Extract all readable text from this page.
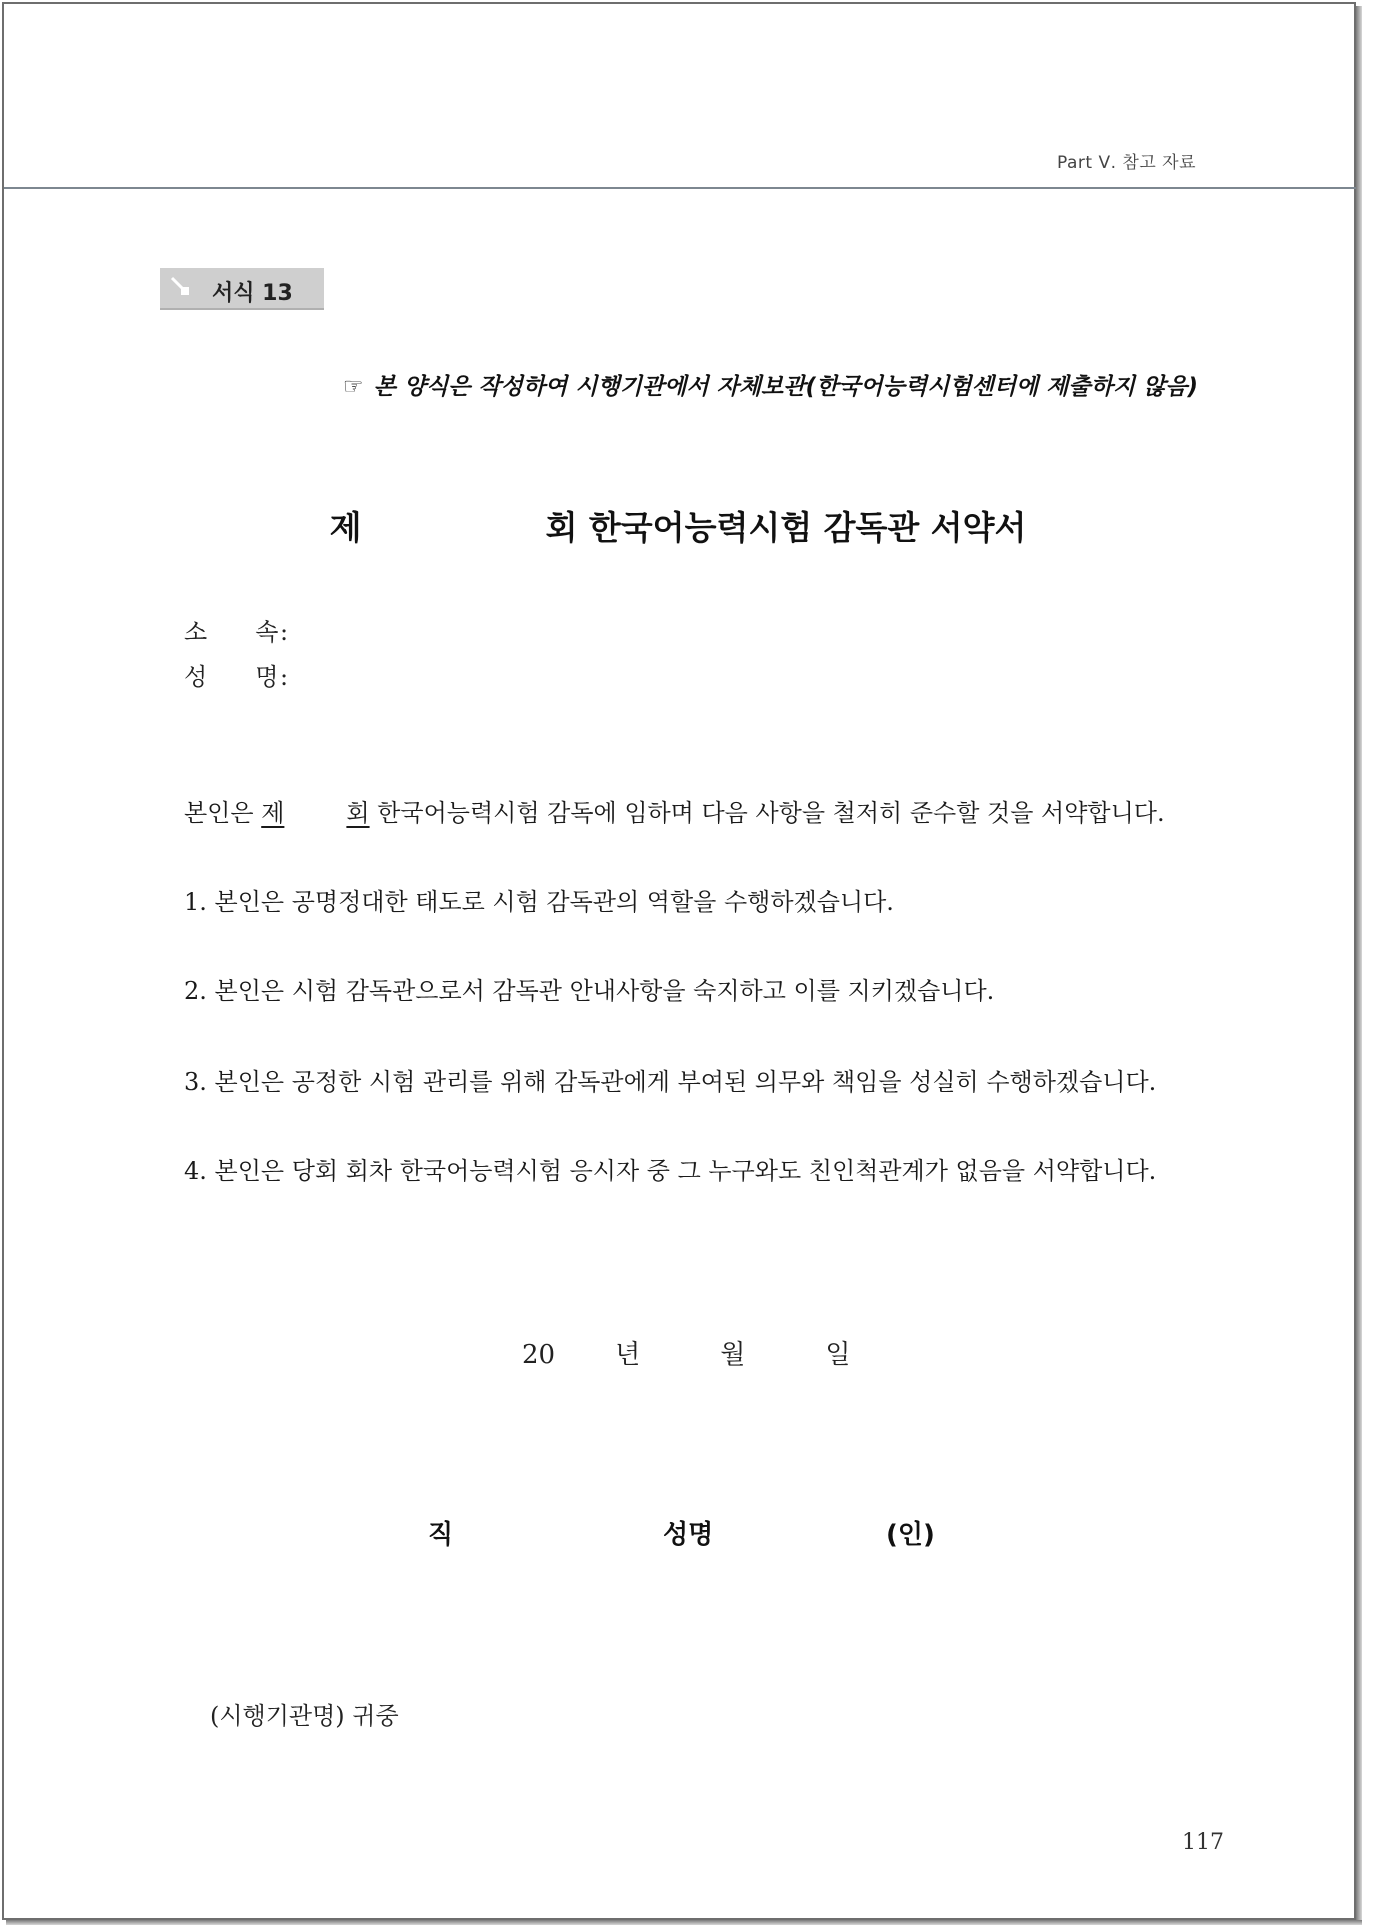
Part Ⅴ. 참고 자료
서식 13
☞ 본 양식은 작성하여 시행기관에서 자체보관(한국어능력시험센터에 제출하지 않음)
제	회 한국어능력시험 감독관 서약서
소 속:
성 명:
본인은 제	회 한국어능력시험 감독에 임하며 다음 사항을 철저히 준수할 것을 서약합니다.
1. 본인은 공명정대한 태도로 시험 감독관의 역할을 수행하겠습니다.
2. 본인은 시험 감독관으로서 감독관 안내사항을 숙지하고 이를 지키겠습니다.
3. 본인은 공정한 시험 관리를 위해 감독관에게 부여된 의무와 책임을 성실히 수행하겠습니다.
4. 본인은 당회 회차 한국어능력시험 응시자 중 그 누구와도 친인척관계가 없음을 서약합니다.
20 년	월	일
직	성명	(인)
(시행기관명) 귀중
117
